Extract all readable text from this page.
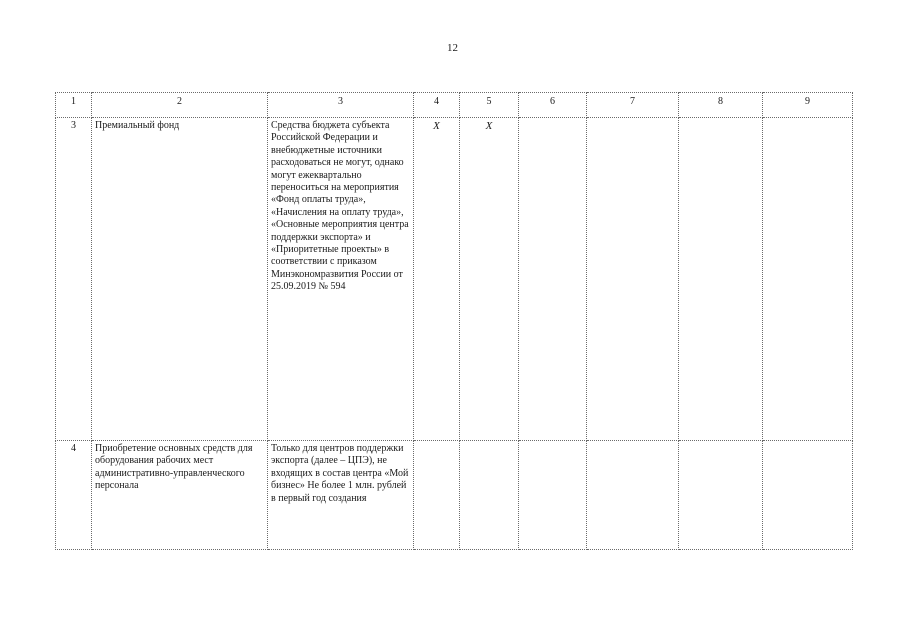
12
1	2	3	4	5	6	7	8	9
3	Премиальный фонд	Средства бюджета субъекта Российской Федерации и внебюджетные источники расходоваться не могут, однако могут ежеквартально переноситься на мероприятия «Фонд оплаты труда», «Начисления на оплату труда», «Основные мероприятия центра поддержки экспорта» и «Приоритетные проекты» в соответствии с приказом Минэкономразвития России от 25.09.2019 № 594	X	X				
4	Приобретение основных средств для оборудования рабочих мест административно-управленческого персонала	Только для центров поддержки экспорта (далее – ЦПЭ), не входящих в состав центра «Мой бизнес» Не более 1 млн. рублей в первый год создания						
